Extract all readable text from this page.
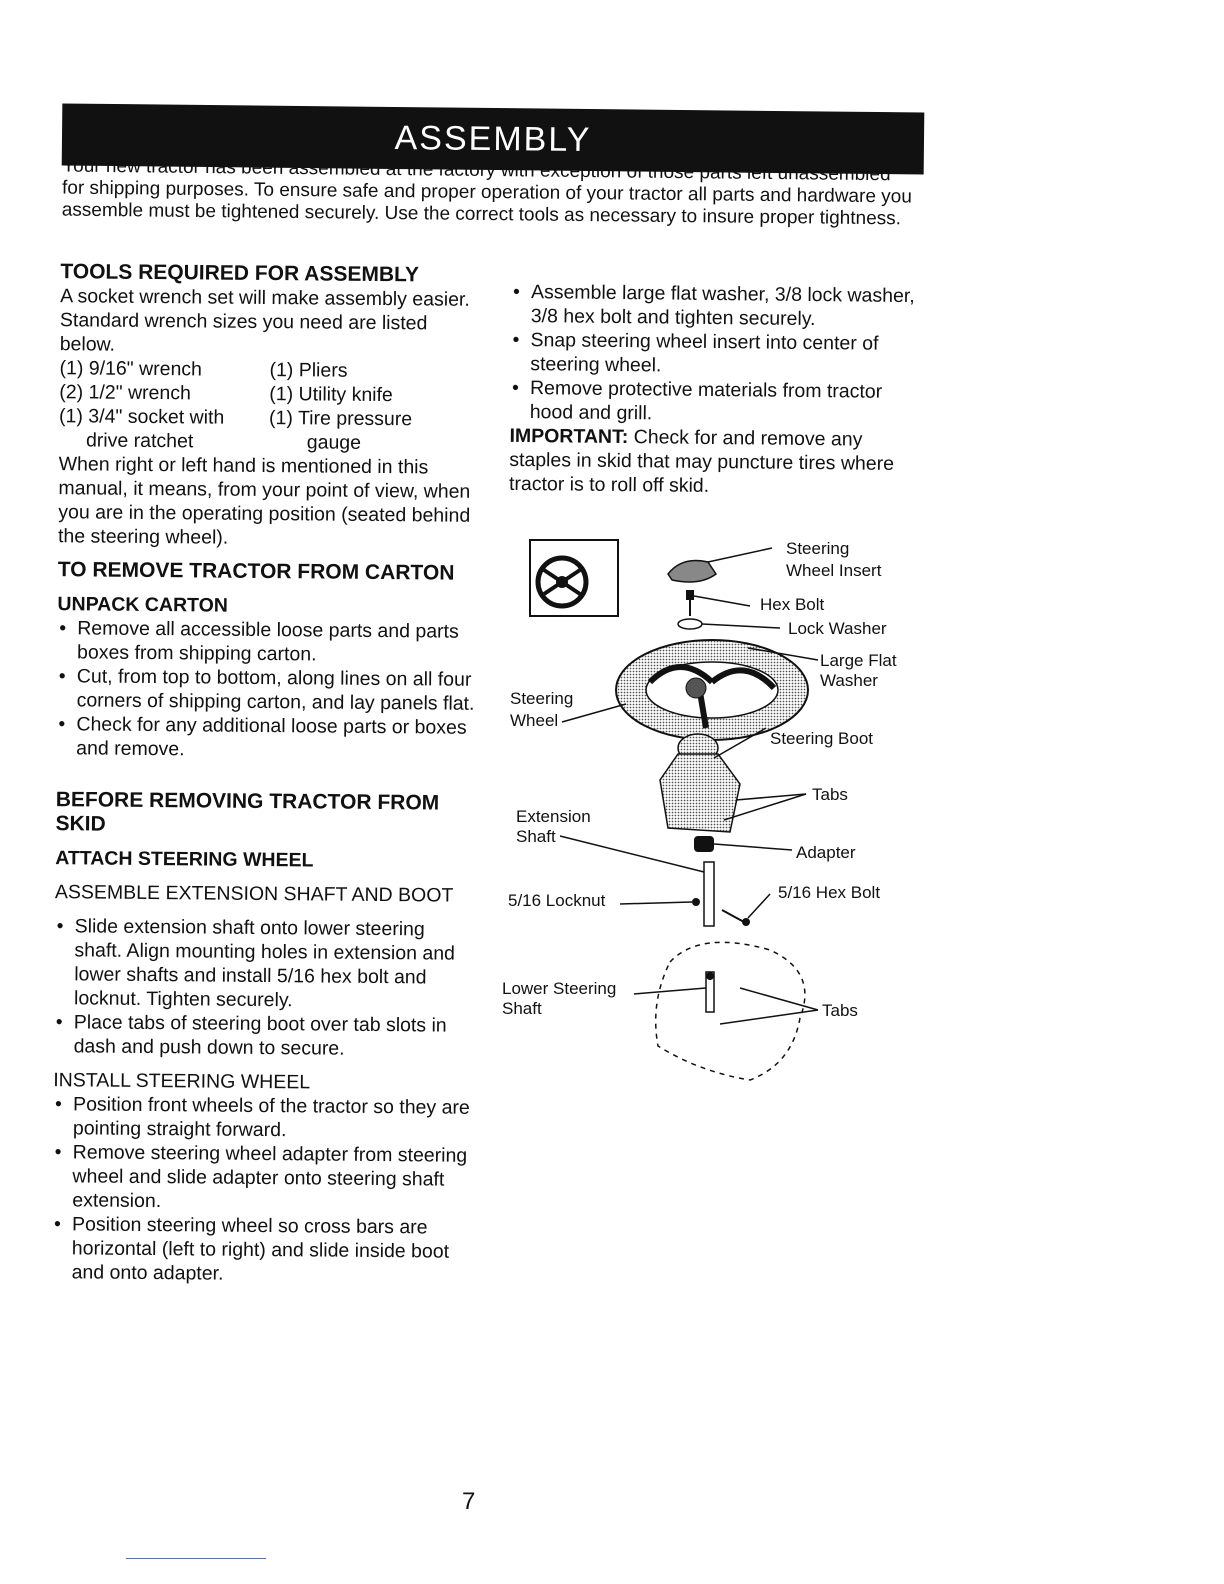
ASSEMBLY

Your new tractor has been assembled at the factory with exception of those parts left unassembled for shipping purposes. To ensure safe and proper operation of your tractor all parts and hardware you assemble must be tightened securely. Use the correct tools as necessary to insure proper tightness.

TOOLS REQUIRED FOR ASSEMBLY

A socket wrench set will make assembly easier. Standard wrench sizes you need are listed below.

(1) 9/16" wrench	(1) Pliers
(2) 1/2" wrench	(1) Utility knife
(1) 3/4" socket with	(1) Tire pressure
drive ratchet	gauge

When right or left hand is mentioned in this manual, it means, from your point of view, when you are in the operating position (seated behind the steering wheel).

TO REMOVE TRACTOR FROM CARTON
UNPACK CARTON
• Remove all accessible loose parts and parts boxes from shipping carton.
• Cut, from top to bottom, along lines on all four corners of shipping carton, and lay panels flat.
• Check for any additional loose parts or boxes and remove.
BEFORE REMOVING TRACTOR FROM SKID
ATTACH STEERING WHEEL
ASSEMBLE EXTENSION SHAFT AND BOOT
• Slide extension shaft onto lower steering shaft. Align mounting holes in extension and lower shafts and install 5/16 hex bolt and locknut. Tighten securely.
• Place tabs of steering boot over tab slots in dash and push down to secure.
INSTALL STEERING WHEEL
• Position front wheels of the tractor so they are pointing straight forward.
• Remove steering wheel adapter from steering wheel and slide adapter onto steering shaft extension.
• Position steering wheel so cross bars are horizontal (left to right) and slide inside boot and onto adapter.
• Assemble large flat washer, 3/8 lock washer, 3/8 hex bolt and tighten securely.
• Snap steering wheel insert into center of steering wheel.
• Remove protective materials from tractor hood and grill.

IMPORTANT: Check for and remove any staples in skid that may puncture tires where tractor is to roll off skid.

Steering
Wheel Insert
Hex Bolt
Lock Washer
Large Flat
Washer
Steering
Wheel
Steering Boot
Tabs
Extension
Shaft
Adapter
5/16 Locknut	5/16 Hex Bolt
Lower Steering
Shaft	Tabs
7
